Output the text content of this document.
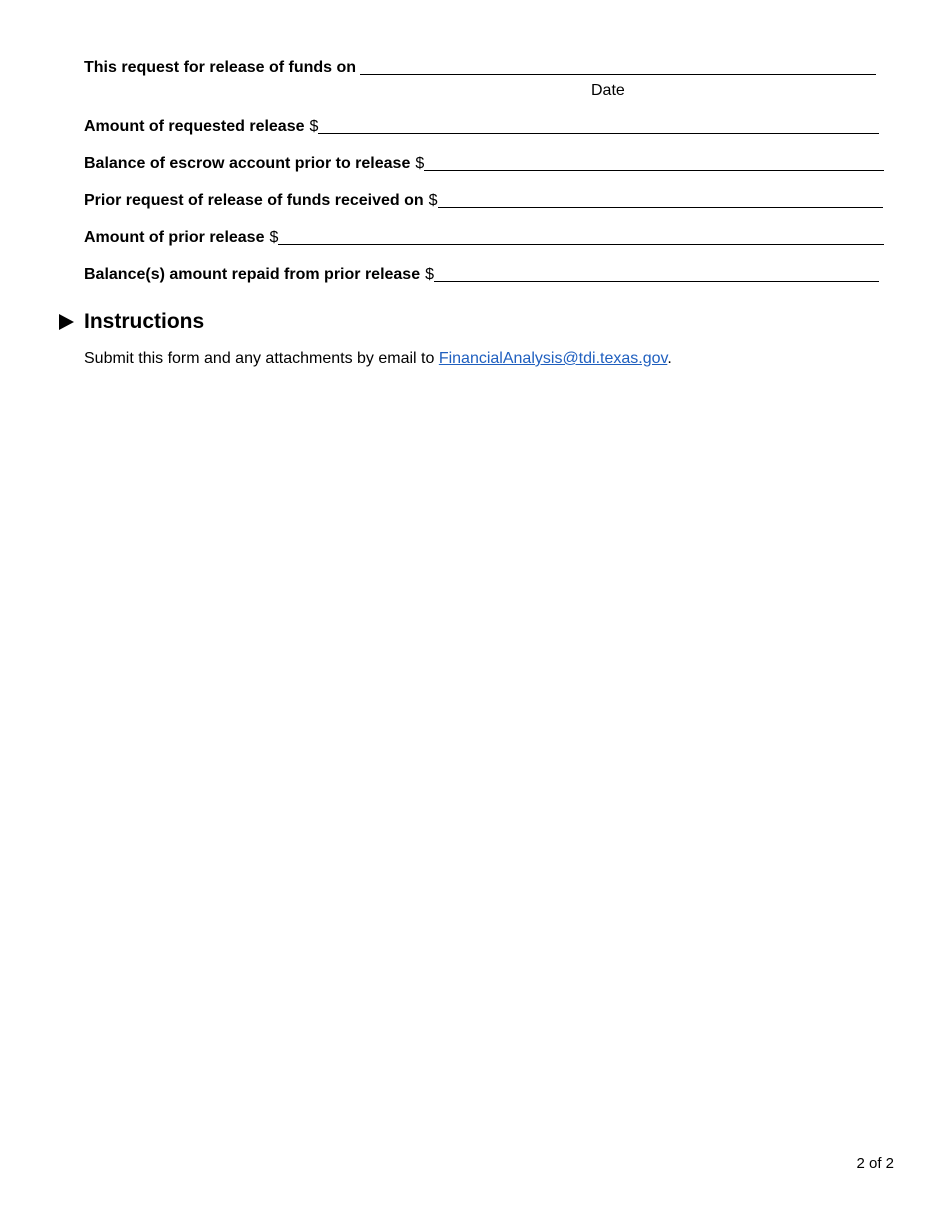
This request for release of funds on
Date
Amount of requested release $
Balance of escrow account prior to release $
Prior request of release of funds received on $
Amount of prior release $
Balance(s) amount repaid from prior release $
Instructions
Submit this form and any attachments by email to FinancialAnalysis@tdi.texas.gov.
2 of 2
